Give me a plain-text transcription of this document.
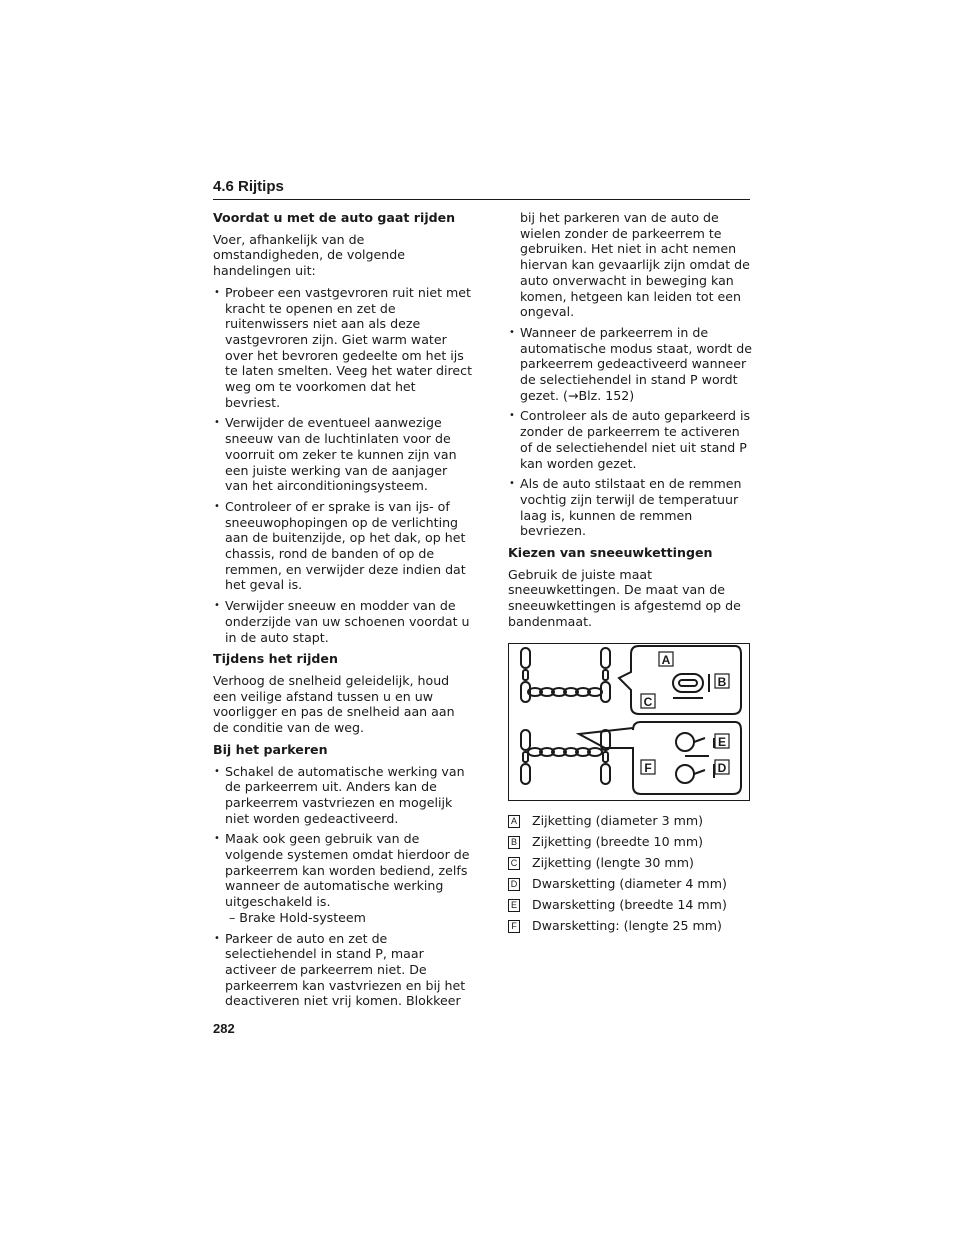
4.6 Rijtips
Voordat u met de auto gaat rijden
Voer, afhankelijk van de omstandigheden, de volgende handelingen uit:
• Probeer een vastgevroren ruit niet met kracht te openen en zet de ruitenwissers niet aan als deze vastgevroren zijn. Giet warm water over het bevroren gedeelte om het ijs te laten smelten. Veeg het water direct weg om te voorkomen dat het bevriest.
• Verwijder de eventueel aanwezige sneeuw van de luchtinlaten voor de voorruit om zeker te kunnen zijn van een juiste werking van de aanjager van het airconditioningsysteem.
• Controleer of er sprake is van ijs- of sneeuwophopingen op de verlichting aan de buitenzijde, op het dak, op het chassis, rond de banden of op de remmen, en verwijder deze indien dat het geval is.
• Verwijder sneeuw en modder van de onderzijde van uw schoenen voordat u in de auto stapt.
Tijdens het rijden
Verhoog de snelheid geleidelijk, houd een veilige afstand tussen u en uw voorligger en pas de snelheid aan aan de conditie van de weg.
Bij het parkeren
• Schakel de automatische werking van de parkeerrem uit. Anders kan de parkeerrem vastvriezen en mogelijk niet worden gedeactiveerd.
• Maak ook geen gebruik van de volgende systemen omdat hierdoor de parkeerrem kan worden bediend, zelfs wanneer de automatische werking uitgeschakeld is.
– Brake Hold-systeem
• Parkeer de auto en zet de selectiehendel in stand P, maar activeer de parkeerrem niet. De parkeerrem kan vastvriezen en bij het deactiveren niet vrij komen. Blokkeer
bij het parkeren van de auto de wielen zonder de parkeerrem te gebruiken. Het niet in acht nemen hiervan kan gevaarlijk zijn omdat de auto onverwacht in beweging kan komen, hetgeen kan leiden tot een ongeval.
• Wanneer de parkeerrem in de automatische modus staat, wordt de parkeerrem gedeactiveerd wanneer de selectiehendel in stand P wordt gezet. (→Blz. 152)
• Controleer als de auto geparkeerd is zonder de parkeerrem te activeren of de selectiehendel niet uit stand P kan worden gezet.
• Als de auto stilstaat en de remmen vochtig zijn terwijl de temperatuur laag is, kunnen de remmen bevriezen.
Kiezen van sneeuwkettingen
Gebruik de juiste maat sneeuwkettingen. De maat van de sneeuwkettingen is afgestemd op de bandenmaat.
A
B
C
E
D
F
A Zijketting (diameter 3 mm)
B Zijketting (breedte 10 mm)
C Zijketting (lengte 30 mm)
D Dwarsketting (diameter 4 mm)
E Dwarsketting (breedte 14 mm)
F Dwarsketting: (lengte 25 mm)
282
